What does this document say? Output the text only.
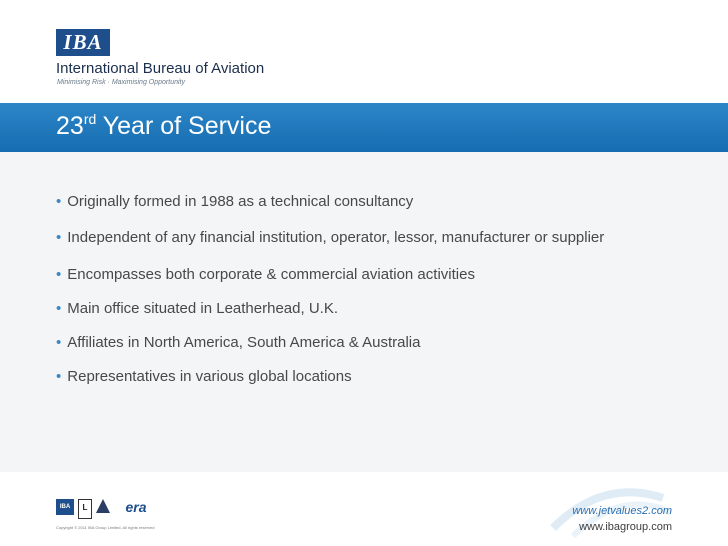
IBA
International Bureau of Aviation
Minimising Risk · Maximising Opportunity
23rd Year of Service

• Originally formed in 1988 as a technical consultancy

• Independent of any financial institution, operator, lessor, manufacturer or supplier

• Encompasses both corporate & commercial aviation activities

• Main office situated in Leatherhead, U.K.

• Affiliates in North America, South America & Australia

• Representatives in various global locations

IBA	L	era
Copyright © 2011 IBA Group Limited, All rights reserved
www.jetvalues2.com
www.ibagroup.com
